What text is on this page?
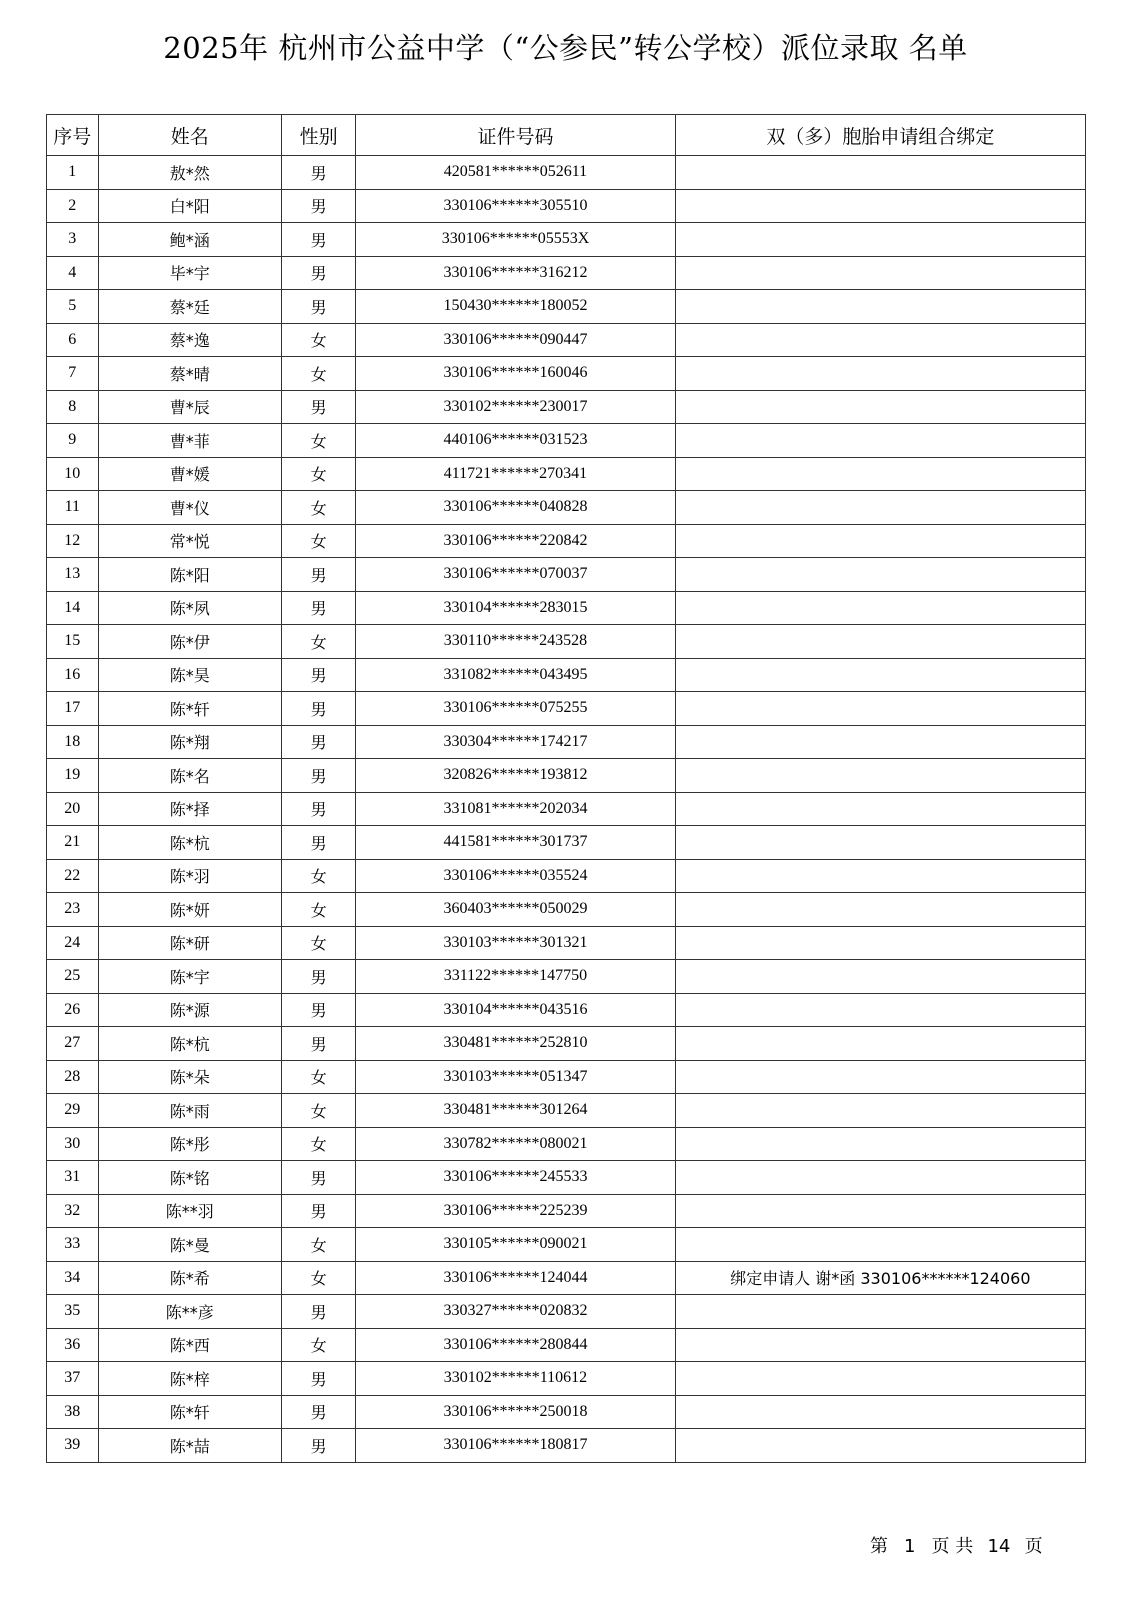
2025年 杭州市公益中学（“公参民”转公学校）派位录取 名单
序号	姓名	性别	证件号码	双（多）胞胎申请组合绑定
1	敖*然	男	420581******052611	
2	白*阳	男	330106******305510	
3	鲍*涵	男	330106******05553X	
4	毕*宇	男	330106******316212	
5	蔡*廷	男	150430******180052	
6	蔡*逸	女	330106******090447	
7	蔡*晴	女	330106******160046	
8	曹*辰	男	330102******230017	
9	曹*菲	女	440106******031523	
10	曹*媛	女	411721******270341	
11	曹*仪	女	330106******040828	
12	常*悦	女	330106******220842	
13	陈*阳	男	330106******070037	
14	陈*夙	男	330104******283015	
15	陈*伊	女	330110******243528	
16	陈*昊	男	331082******043495	
17	陈*轩	男	330106******075255	
18	陈*翔	男	330304******174217	
19	陈*名	男	320826******193812	
20	陈*择	男	331081******202034	
21	陈*杭	男	441581******301737	
22	陈*羽	女	330106******035524	
23	陈*妍	女	360403******050029	
24	陈*研	女	330103******301321	
25	陈*宇	男	331122******147750	
26	陈*源	男	330104******043516	
27	陈*杭	男	330481******252810	
28	陈*朵	女	330103******051347	
29	陈*雨	女	330481******301264	
30	陈*彤	女	330782******080021	
31	陈*铭	男	330106******245533	
32	陈**羽	男	330106******225239	
33	陈*曼	女	330105******090021	
34	陈*希	女	330106******124044	绑定申请人 谢*函 330106******124060
35	陈**彦	男	330327******020832	
36	陈*西	女	330106******280844	
37	陈*梓	男	330102******110612	
38	陈*轩	男	330106******250018	
39	陈*喆	男	330106******180817	
第 1 页 共 14 页
